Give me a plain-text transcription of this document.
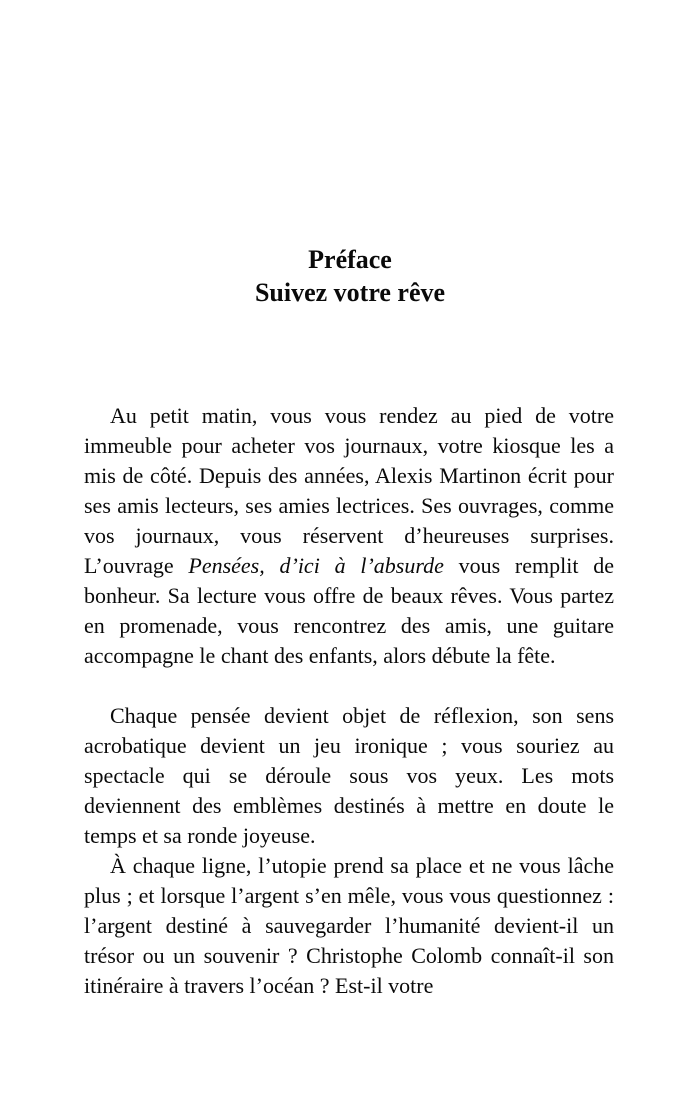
Préface
Suivez votre rêve

Au petit matin, vous vous rendez au pied de votre immeuble pour acheter vos journaux, votre kiosque les a mis de côté. Depuis des années, Alexis Martinon écrit pour ses amis lecteurs, ses amies lectrices. Ses ouvrages, comme vos journaux, vous réservent d’heureuses surprises. L’ouvrage Pensées, d’ici à l’absurde vous remplit de bonheur. Sa lecture vous offre de beaux rêves. Vous partez en promenade, vous rencontrez des amis, une guitare accompagne le chant des enfants, alors débute la fête.

Chaque pensée devient objet de réflexion, son sens acrobatique devient un jeu ironique ; vous souriez au spectacle qui se déroule sous vos yeux. Les mots deviennent des emblèmes destinés à mettre en doute le temps et sa ronde joyeuse.

À chaque ligne, l’utopie prend sa place et ne vous lâche plus ; et lorsque l’argent s’en mêle, vous vous questionnez : l’argent destiné à sauvegarder l’humanité devient-il un trésor ou un souvenir ? Christophe Colomb connaît-il son itinéraire à travers l’océan ? Est-il votre
